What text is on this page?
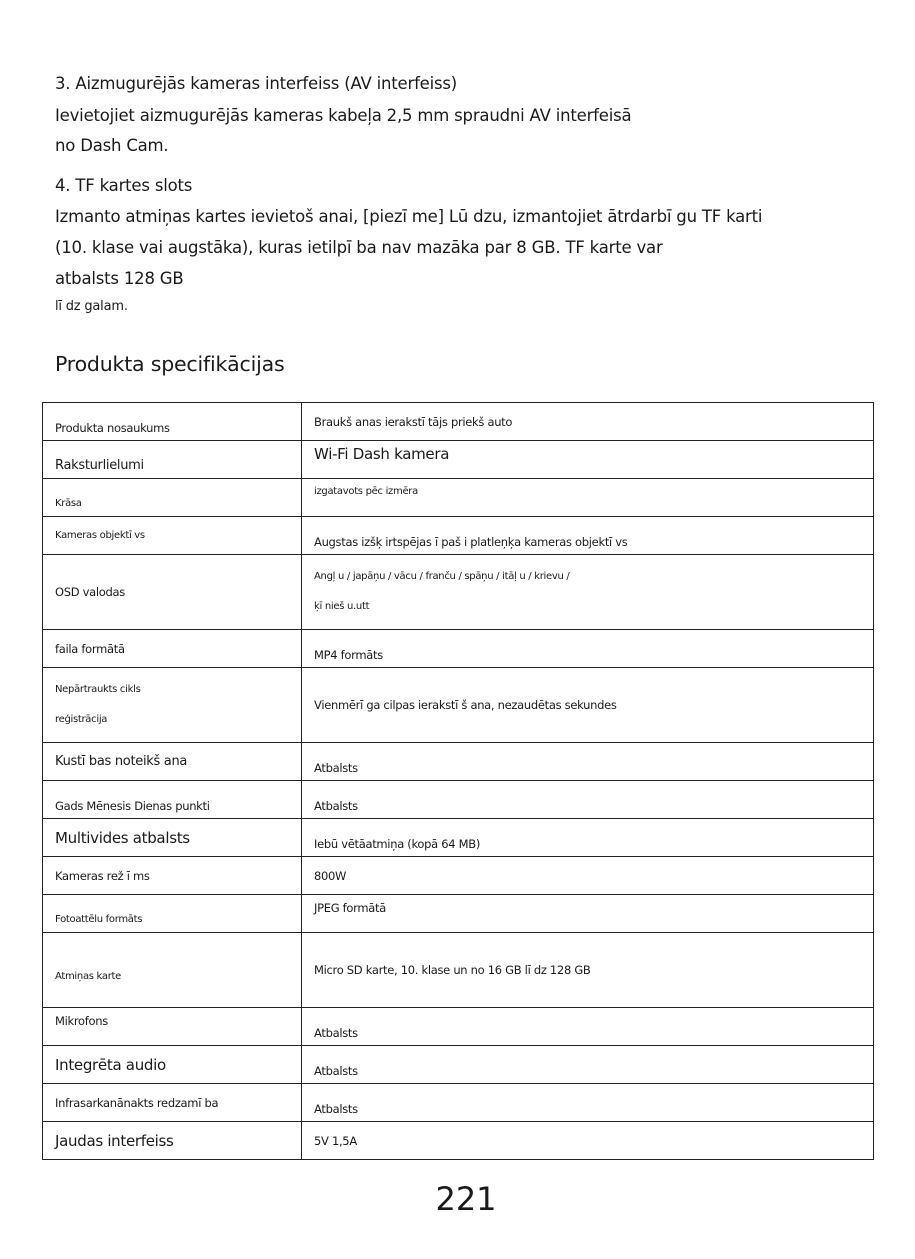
3. Aizmugurējās kameras interfeiss (AV interfeiss)
Ievietojiet aizmugurējās kameras kabeļa 2,5 mm spraudni AV interfeisā
no Dash Cam.
4. TF kartes slots
Izmanto atmiņas kartes ievietoš anai, [piezī me] Lū dzu, izmantojiet ātrdarbī gu TF karti
(10. klase vai augstāka), kuras ietilpī ba nav mazāka par 8 GB. TF karte var
atbalsts 128 GB
lī dz galam.
Produkta specifikācijas
Produkta nosaukums	Braukš anas ierakstī tājs priekš auto
Raksturlielumi	Wi-Fi Dash kamera
Krāsa	izgatavots pēc izmēra
Kameras objektī vs	Augstas izšķ irtspējas ī paš i platleņķa kameras objektī vs
OSD valodas	Angļ u / japāņu / vācu / franču / spāņu / itāļ u / krievu /
ķī nieš u.utt

faila formātā	MP4 formāts

Nepārtraukts cikls
reģistrācija	Vienmērī ga cilpas ierakstī š ana, nezaudētas sekundes
Kustī bas noteikš ana	Atbalsts
Gads Mēnesis Dienas punkti	Atbalsts
Multivides atbalsts	Iebū vētāatmiņa (kopā 64 MB)
Kameras rež ī ms	800W
Fotoattēlu formāts	JPEG formātā
Atmiņas karte	Micro SD karte, 10. klase un no 16 GB lī dz 128 GB
Mikrofons	Atbalsts
Integrēta audio	Atbalsts
Infrasarkanānakts redzamī ba	Atbalsts
Jaudas interfeiss	5V 1,5A
221
